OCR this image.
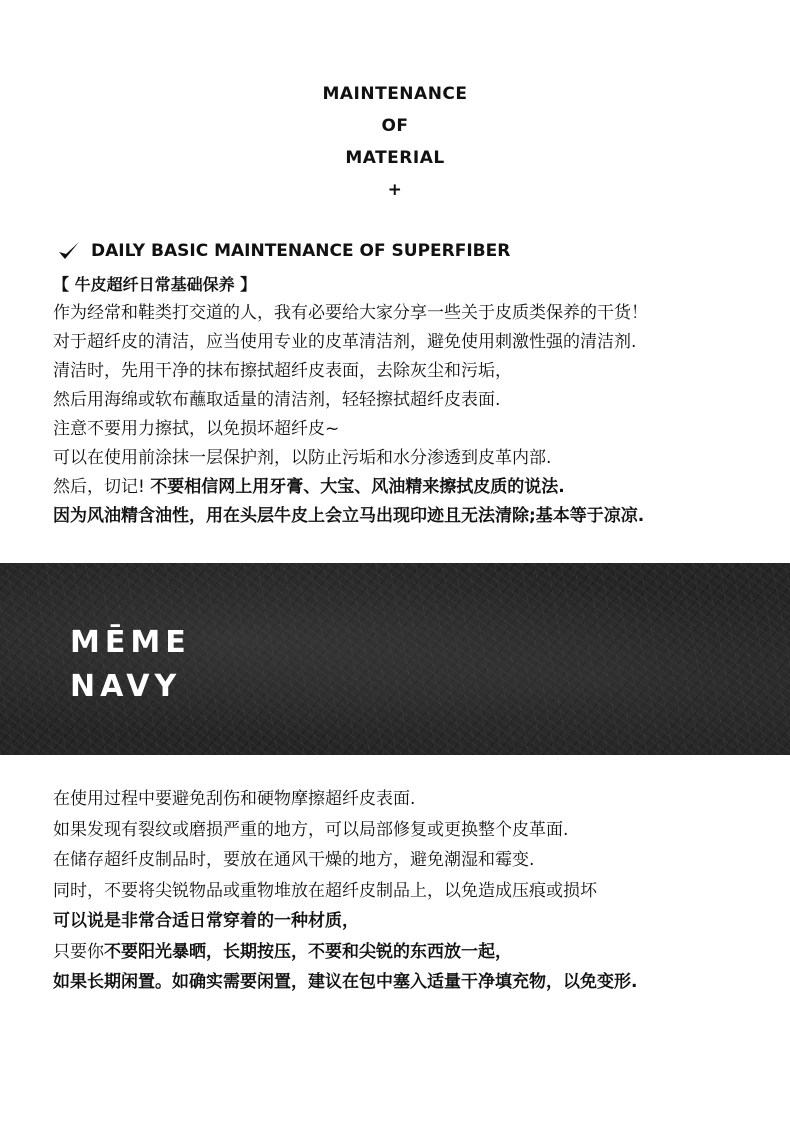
MAINTENANCE
OF
MATERIAL
+
DAILY BASIC MAINTENANCE OF SUPERFIBER
【 牛皮超纤日常基础保养 】
作为经常和鞋类打交道的人，我有必要给大家分享一些关于皮质类保养的干货！
对于超纤皮的清洁，应当使用专业的皮革清洁剂，避免使用刺激性强的清洁剂.
清洁时，先用干净的抹布擦拭超纤皮表面，去除灰尘和污垢，
然后用海绵或软布蘸取适量的清洁剂，轻轻擦拭超纤皮表面.
注意不要用力擦拭，以免损坏超纤皮~
可以在使用前涂抹一层保护剂，以防止污垢和水分渗透到皮革内部.
然后，切记! 不要相信网上用牙膏、大宝、风油精来擦拭皮质的说法.
因为风油精含油性，用在头层牛皮上会立马出现印迹且无法清除;基本等于凉凉.
MĒME
NAVY
在使用过程中要避免刮伤和硬物摩擦超纤皮表面.
如果发现有裂纹或磨损严重的地方，可以局部修复或更换整个皮革面.
在储存超纤皮制品时，要放在通风干燥的地方，避免潮湿和霉变.
同时，不要将尖锐物品或重物堆放在超纤皮制品上，以免造成压痕或损坏
可以说是非常合适日常穿着的一种材质，
只要你不要阳光暴晒，长期按压，不要和尖锐的东西放一起，
如果长期闲置。如确实需要闲置，建议在包中塞入适量干净填充物，以免变形.
